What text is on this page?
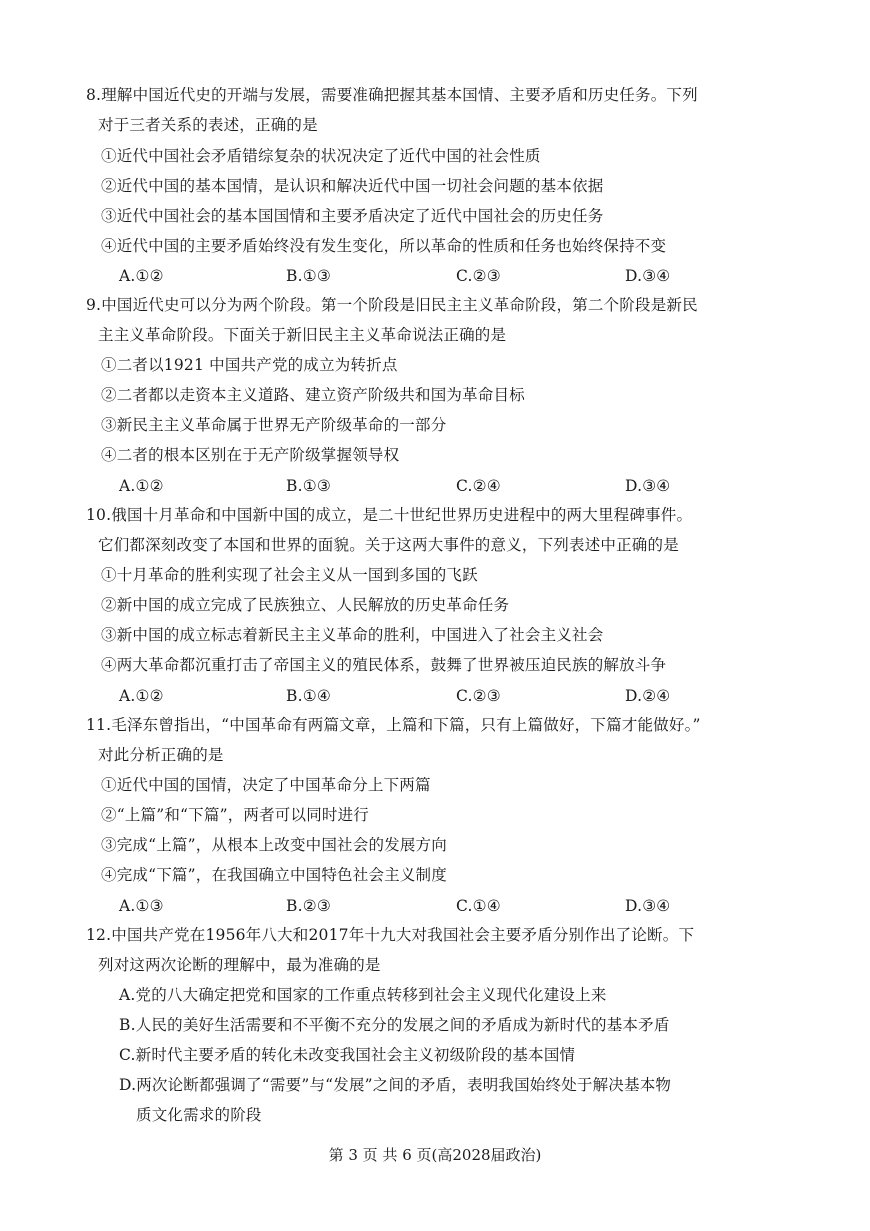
8.理解中国近代史的开端与发展，需要准确把握其基本国情、主要矛盾和历史任务。下列
对于三者关系的表述，正确的是
①近代中国社会矛盾错综复杂的状况决定了近代中国的社会性质
②近代中国的基本国情，是认识和解决近代中国一切社会问题的基本依据
③近代中国社会的基本国国情和主要矛盾决定了近代中国社会的历史任务
④近代中国的主要矛盾始终没有发生变化，所以革命的性质和任务也始终保持不变
A.①②	B.①③	C.②③	D.③④
9.中国近代史可以分为两个阶段。第一个阶段是旧民主主义革命阶段，第二个阶段是新民
主主义革命阶段。下面关于新旧民主主义革命说法正确的是
①二者以1921 中国共产党的成立为转折点
②二者都以走资本主义道路、建立资产阶级共和国为革命目标
③新民主主义革命属于世界无产阶级革命的一部分
④二者的根本区别在于无产阶级掌握领导权
A.①②	B.①③	C.②④	D.③④
10.俄国十月革命和中国新中国的成立，是二十世纪世界历史进程中的两大里程碑事件。
它们都深刻改变了本国和世界的面貌。关于这两大事件的意义，下列表述中正确的是
①十月革命的胜利实现了社会主义从一国到多国的飞跃
②新中国的成立完成了民族独立、人民解放的历史革命任务
③新中国的成立标志着新民主主义革命的胜利，中国进入了社会主义社会
④两大革命都沉重打击了帝国主义的殖民体系，鼓舞了世界被压迫民族的解放斗争
A.①②	B.①④	C.②③	D.②④
11.毛泽东曾指出，“中国革命有两篇文章，上篇和下篇，只有上篇做好，下篇才能做好。”
对此分析正确的是
①近代中国的国情，决定了中国革命分上下两篇
②“上篇”和“下篇”，两者可以同时进行
③完成“上篇”，从根本上改变中国社会的发展方向
④完成“下篇”，在我国确立中国特色社会主义制度
A.①③	B.②③	C.①④	D.③④
12.中国共产党在1956年八大和2017年十九大对我国社会主要矛盾分别作出了论断。下
列对这两次论断的理解中，最为准确的是
A.党的八大确定把党和国家的工作重点转移到社会主义现代化建设上来
B.人民的美好生活需要和不平衡不充分的发展之间的矛盾成为新时代的基本矛盾
C.新时代主要矛盾的转化未改变我国社会主义初级阶段的基本国情
D.两次论断都强调了“需要”与“发展”之间的矛盾，表明我国始终处于解决基本物
质文化需求的阶段
第 3 页 共 6 页(高2028届政治)
